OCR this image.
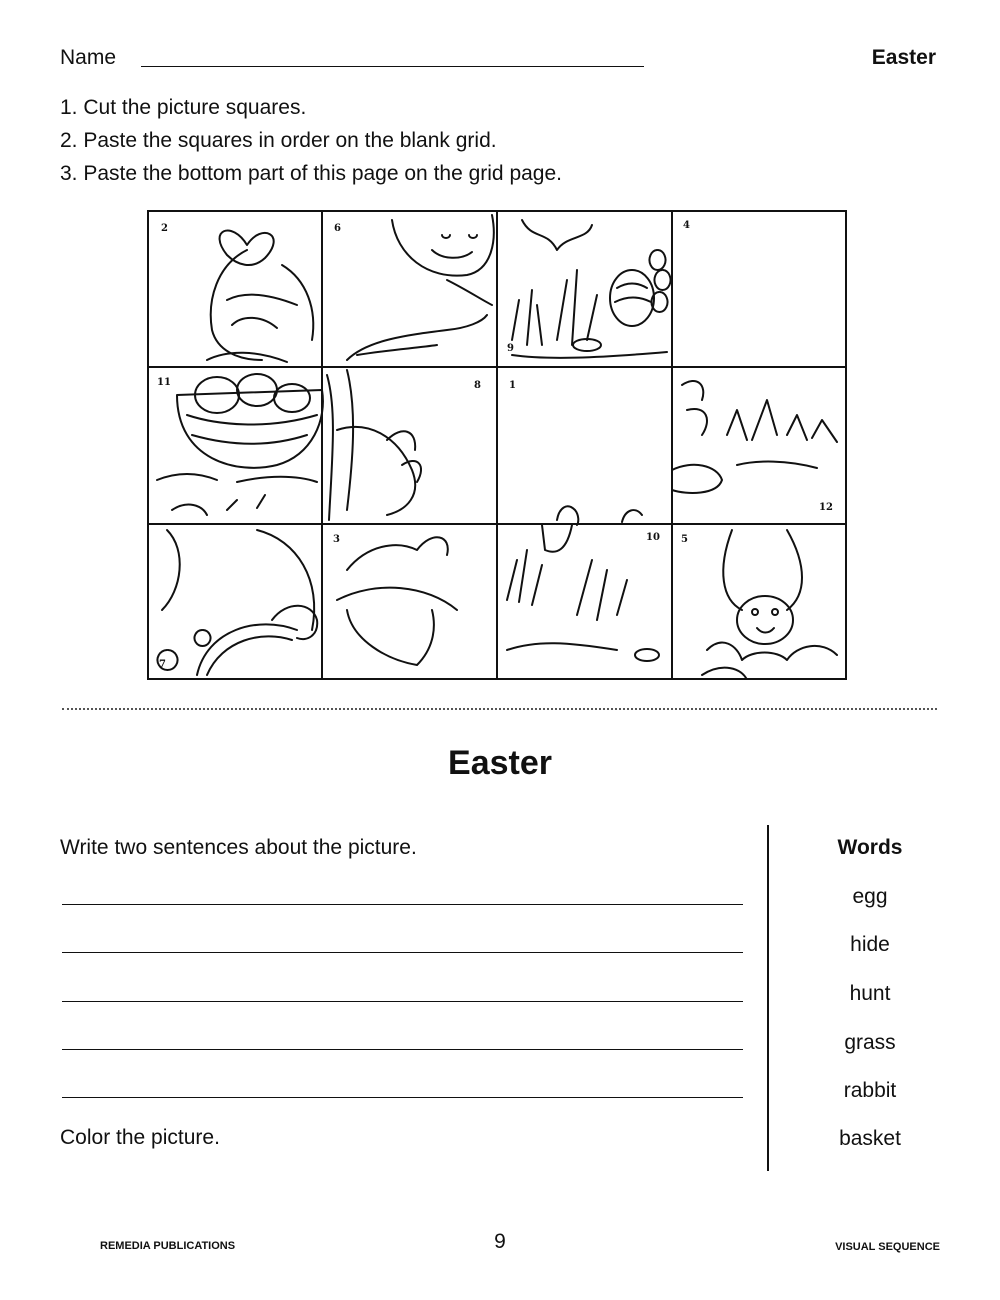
Name	Easter
1. Cut the picture squares.
2. Paste the squares in order on the blank grid.
3. Paste the bottom part of this page on the grid page.
2	6
9
4
11	8	1
12
7
3	10 5
Easter
Write two sentences about the picture.
Color the picture.
Words
egg
hide
hunt
grass
rabbit
basket
REMEDIA PUBLICATIONS	9	VISUAL SEQUENCE
